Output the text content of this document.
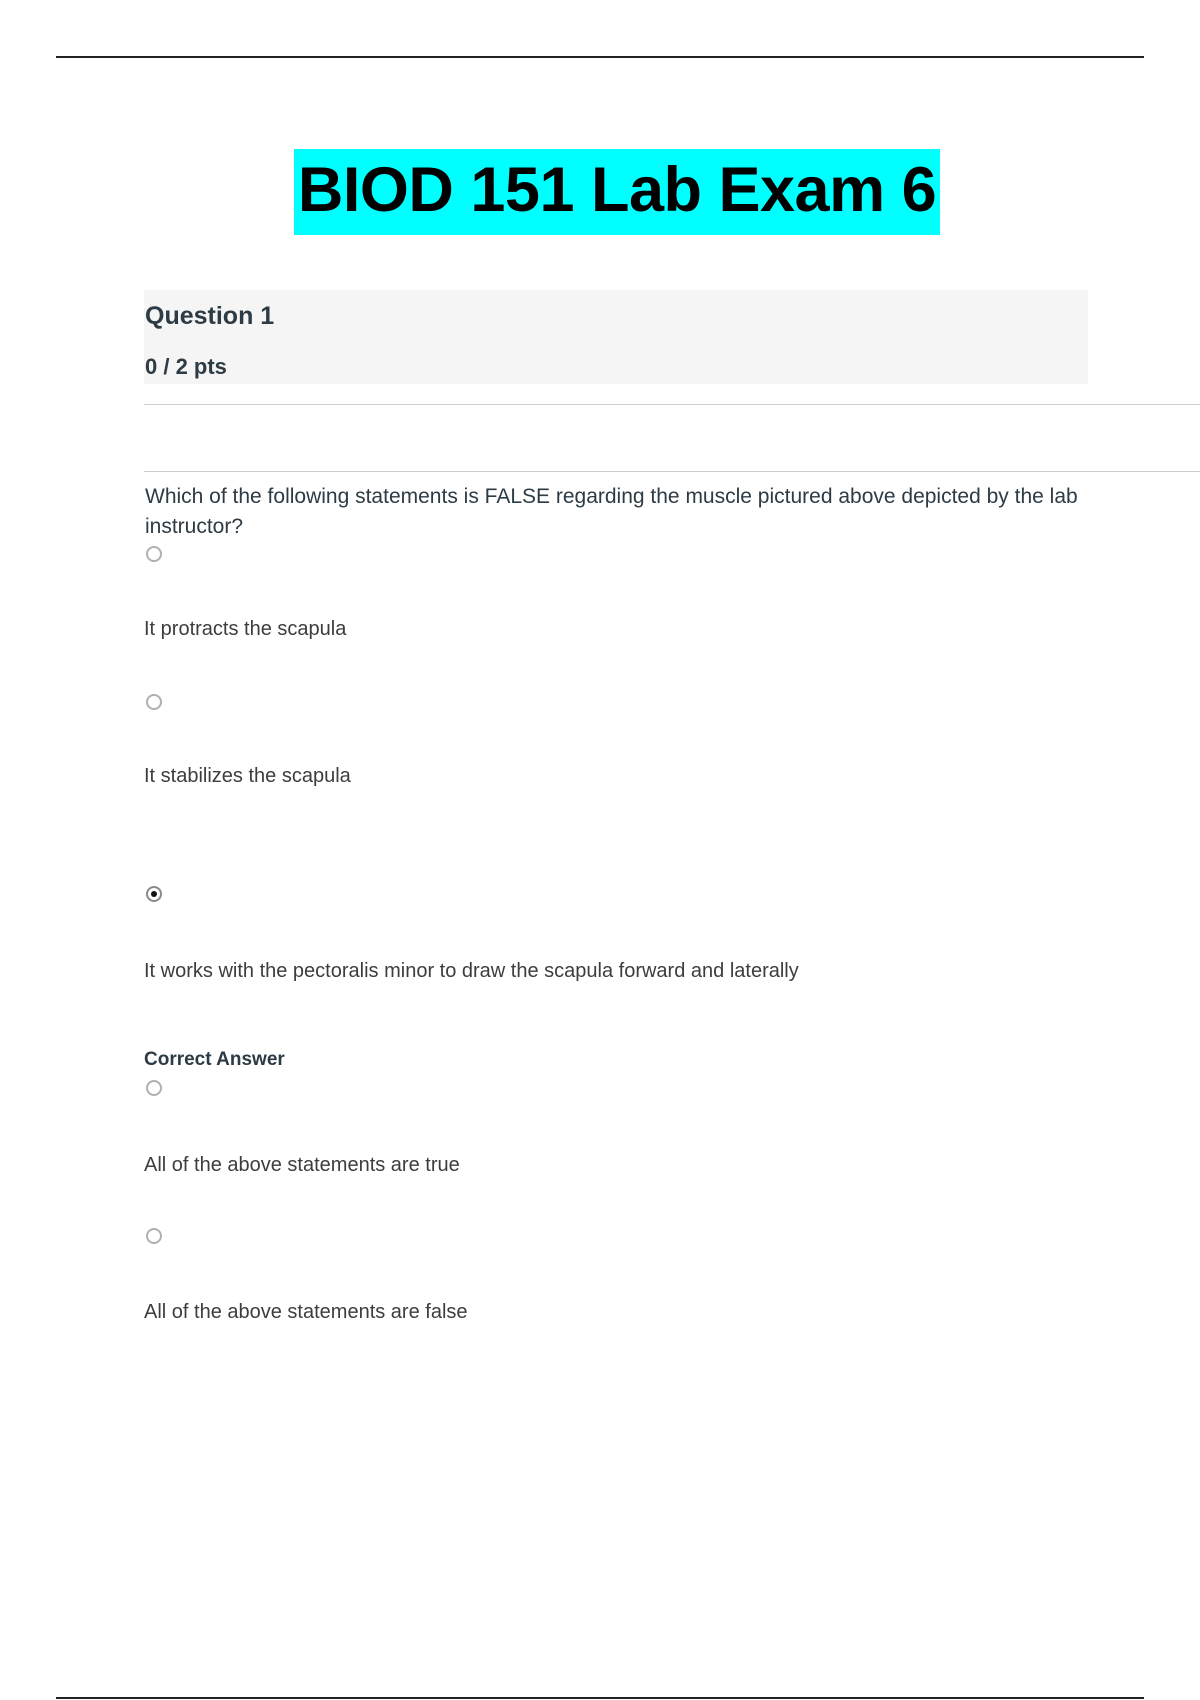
BIOD 151 Lab Exam 6
Question 1
0 / 2 pts
Which of the following statements is FALSE regarding the muscle pictured above depicted by the lab instructor?
It protracts the scapula
It stabilizes the scapula
It works with the pectoralis minor to draw the scapula forward and laterally
Correct Answer
All of the above statements are true
All of the above statements are false
